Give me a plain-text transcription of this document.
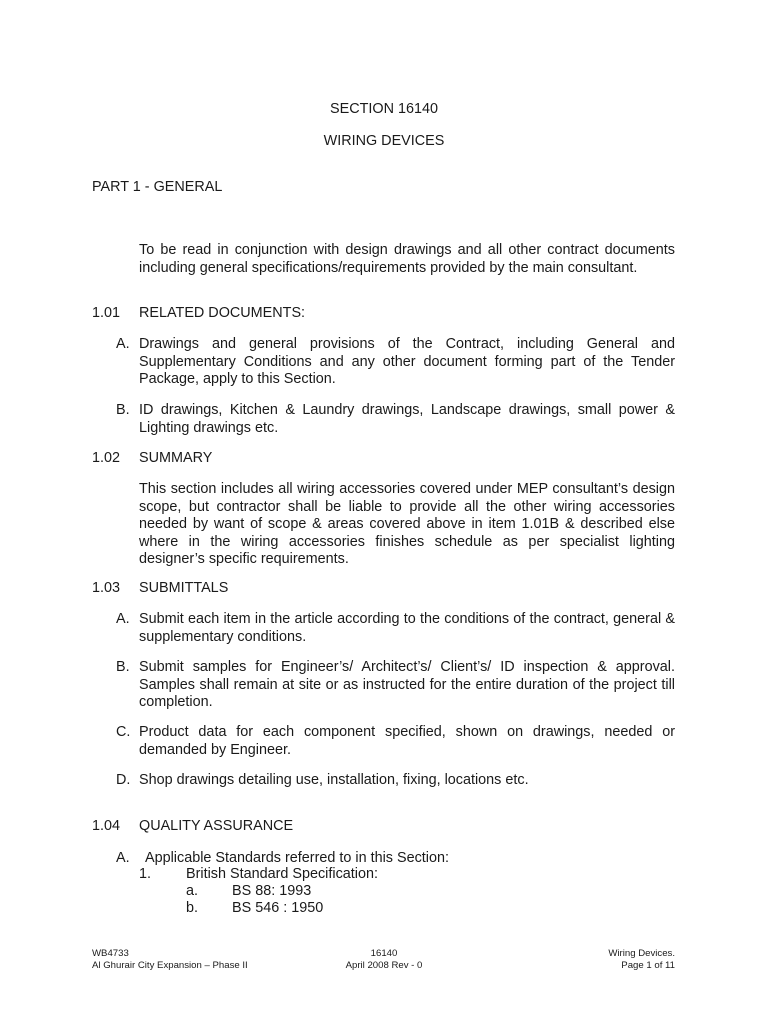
SECTION 16140
WIRING DEVICES
PART 1 - GENERAL
To be read in conjunction with design drawings and all other contract documents including general specifications/requirements provided by the main consultant.
1.01 RELATED DOCUMENTS:
A. Drawings and general provisions of the Contract, including General and Supplementary Conditions and any other document forming part of the Tender Package, apply to this Section.
B. ID drawings, Kitchen & Laundry drawings, Landscape drawings, small power & Lighting drawings etc.
1.02 SUMMARY
This section includes all wiring accessories covered under MEP consultant’s design scope, but contractor shall be liable to provide all the other wiring accessories needed by want of scope & areas covered above in item 1.01B & described else where in the wiring accessories finishes schedule as per specialist lighting designer’s specific requirements.
1.03 SUBMITTALS
A. Submit each item in the article according to the conditions of the contract, general & supplementary conditions.
B. Submit samples for Engineer’s/ Architect’s/ Client’s/ ID inspection & approval. Samples shall remain at site or as instructed for the entire duration of the project till completion.
C. Product data for each component specified, shown on drawings, needed or demanded by Engineer.
D. Shop drawings detailing use, installation, fixing, locations etc.
1.04 QUALITY ASSURANCE
A. Applicable Standards referred to in this Section:
1. British Standard Specification:
a. BS 88: 1993
b. BS 546 : 1950
WB4733
Al Ghurair City Expansion – Phase II
16140
April 2008 Rev - 0
Wiring Devices.
Page 1 of 11
